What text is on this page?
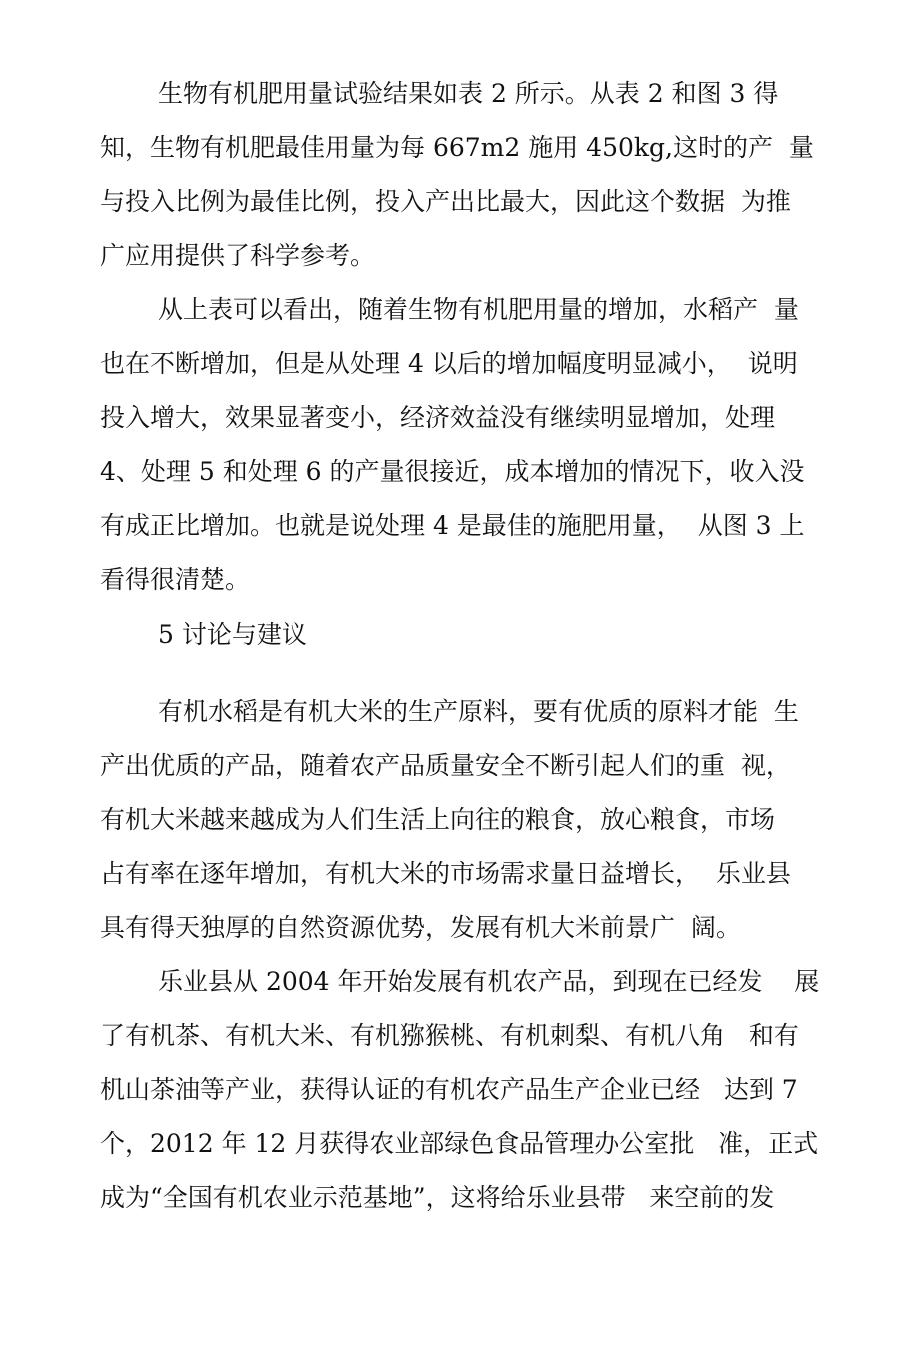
生物有机肥用量试验结果如表 2 所示。从表 2 和图 3 得
知，生物有机肥最佳用量为每 667m2 施用 450kg,这时的产  量
与投入比例为最佳比例，投入产出比最大，因此这个数据  为推
广应用提供了科学参考。
从上表可以看出，随着生物有机肥用量的增加，水稻产  量
也在不断增加，但是从处理 4 以后的增加幅度明显减小，  说明
投入增大，效果显著变小，经济效益没有继续明显增加，处理
4、处理 5 和处理 6 的产量很接近，成本增加的情况下，收入没
有成正比增加。也就是说处理 4 是最佳的施肥用量，  从图 3 上
看得很清楚。
5 讨论与建议
有机水稻是有机大米的生产原料，要有优质的原料才能  生
产出优质的产品，随着农产品质量安全不断引起人们的重  视，
有机大米越来越成为人们生活上向往的粮食，放心粮食，市场
占有率在逐年增加，有机大米的市场需求量日益增长，  乐业县
具有得天独厚的自然资源优势，发展有机大米前景广  阔。
乐业县从 2004 年开始发展有机农产品，到现在已经发    展
了有机茶、有机大米、有机猕猴桃、有机刺梨、有机八角   和有
机山茶油等产业，获得认证的有机农产品生产企业已经   达到 7
个，2012 年 12 月获得农业部绿色食品管理办公室批   准，正式
成为“全国有机农业示范基地”，这将给乐业县带   来空前的发
